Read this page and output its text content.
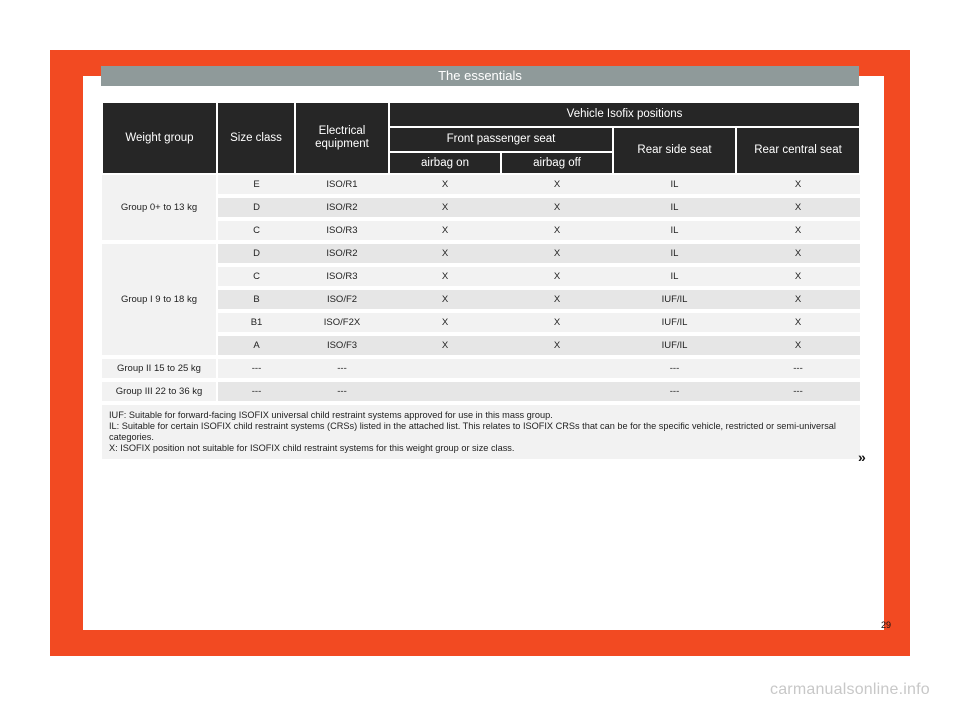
The essentials
Weight group	Size class	Electrical equipment	Vehicle Isofix positions			
			Front passenger seat		Rear side seat	Rear central seat
			airbag on	airbag off		
Group 0+ to 13 kg	E	ISO/R1	X	X	IL	X
	D	ISO/R2	X	X	IL	X
	C	ISO/R3	X	X	IL	X
Group I 9 to 18 kg	D	ISO/R2	X	X	IL	X
	C	ISO/R3	X	X	IL	X
	B	ISO/F2	X	X	IUF/IL	X
	B1	ISO/F2X	X	X	IUF/IL	X
	A	ISO/F3	X	X	IUF/IL	X
Group II 15 to 25 kg	---	---			---	---
Group III 22 to 36 kg	---	---			---	---

IUF: Suitable for forward-facing ISOFIX universal child restraint systems approved for use in this mass group.
IL: Suitable for certain ISOFIX child restraint systems (CRSs) listed in the attached list. This relates to ISOFIX CRSs that can be for the specific vehicle, restricted or semi-universal categories.
X: ISOFIX position not suitable for ISOFIX child restraint systems for this weight group or size class.						
»
29
carmanualsonline.info
